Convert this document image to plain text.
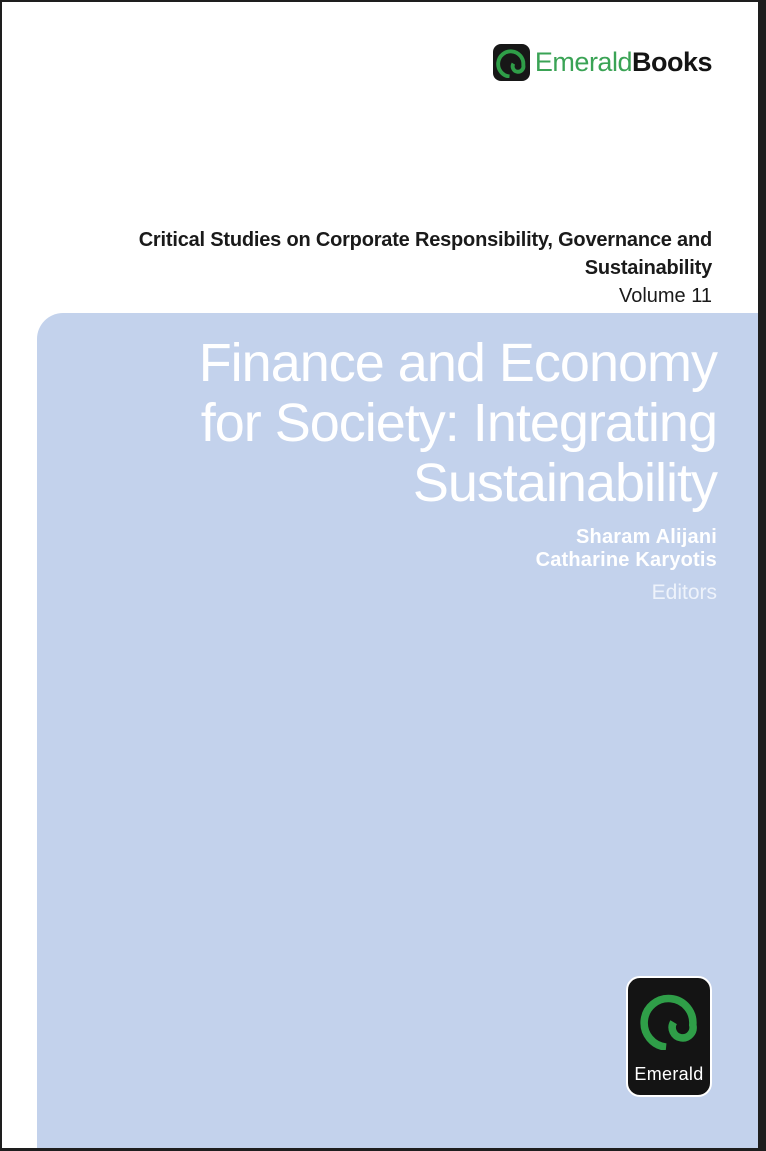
Emerald Books
Critical Studies on Corporate Responsibility, Governance and
Sustainability
Volume 11
Finance and Economy
for Society: Integrating
Sustainability
Sharam Alijani
Catharine Karyotis
Editors
Emerald
